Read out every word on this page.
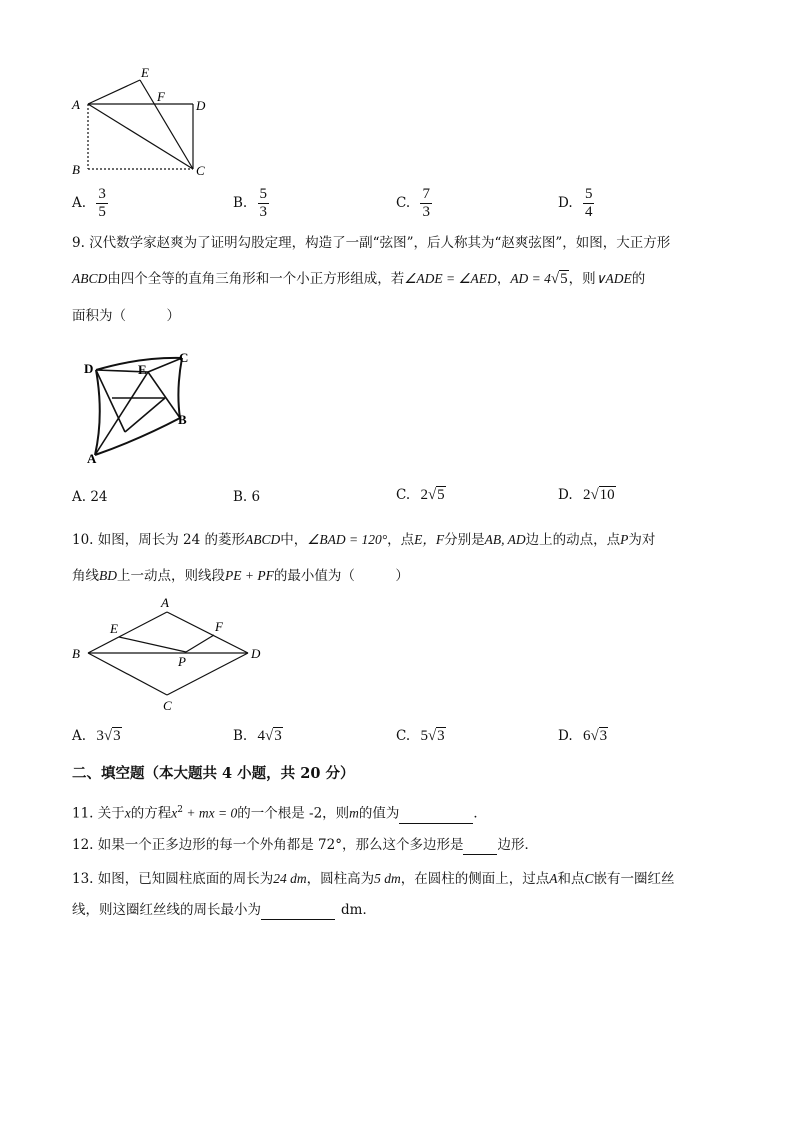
A
B	C
D
E
F
A. $\frac{3}{5}$	B. $\frac{5}{3}$	C. $\frac{7}{3}$	D. $\frac{5}{4}$
9. 汉代数学家赵爽为了证明勾股定理，构造了一副“弦图”，后人称其为“赵爽弦图”，如图，大正方形
ABCD由四个全等的直角三角形和一个小正方形组成，若∠ADE = ∠AED，AD = 4√5，则∨ADE的
面积为（　　　）
D
C
E
B
A
A. 24	B. 6	C. 2√5	D. 2√10
10. 如图，周长为 24 的菱形ABCD中，∠BAD = 120°，点E，F分别是AB, AD边上的动点，点P为对
角线BD上一动点，则线段PE + PF的最小值为（　　　）
A
B
C
D
E	F
P
A. 3√3	B. 4√3	C. 5√3	D. 6√3
二、填空题（本大题共 4 小题，共 20 分）
11. 关于x的方程$x^2$ + mx = 0的一个根是 -2，则m的值为	．
12. 如果一个正多边形的每一个外角都是 72°，那么这个多边形是	边形．
13. 如图，已知圆柱底面的周长为24 dm，圆柱高为5 dm，在圆柱的侧面上，过点A和点C嵌有一圈红丝
线，则这圈红丝线的周长最小为	dm．
